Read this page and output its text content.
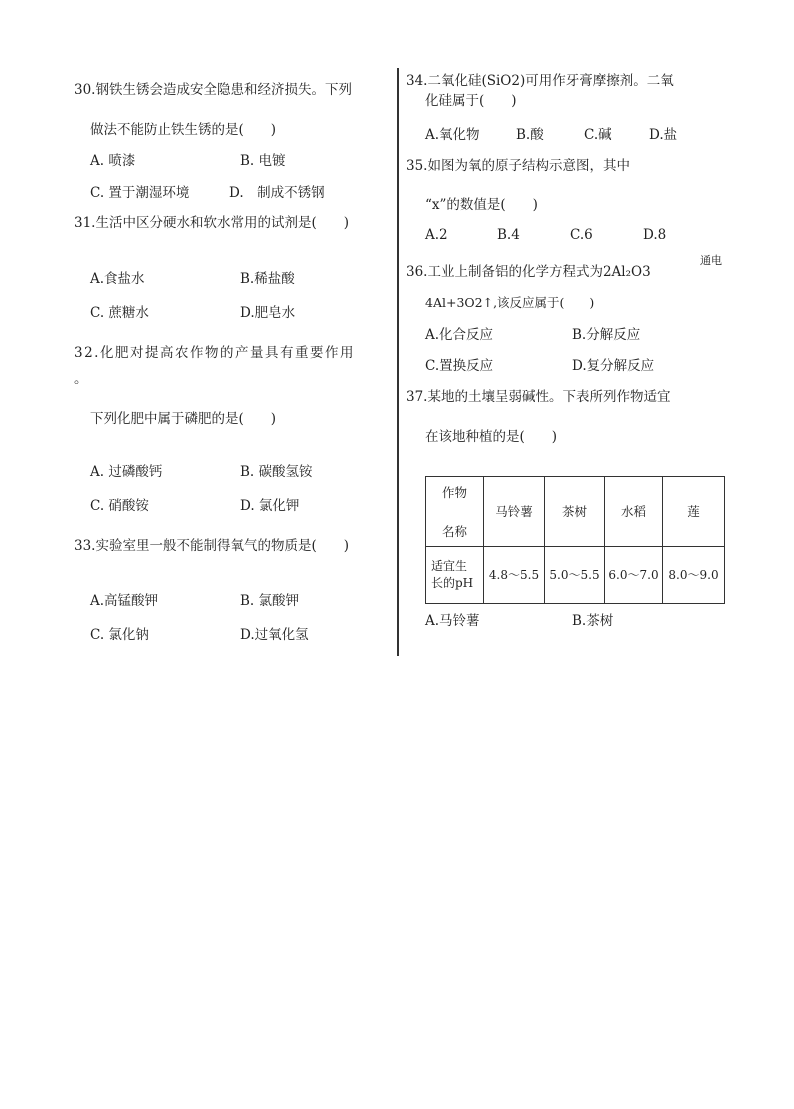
30.钢铁生锈会造成安全隐患和经济损失。下列
做法不能防止铁生锈的是(　　)
A. 喷漆	B. 电镀
C. 置于潮湿环境	D.　制成不锈钢
31.生活中区分硬水和软水常用的试剂是(　　)
A.食盐水	B.稀盐酸
C. 蔗糖水	D.肥皂水
32.化肥对提高农作物的产量具有重要作用
。
下列化肥中属于磷肥的是(　　)
A. 过磷酸钙	B. 碳酸氢铵
C. 硝酸铵	D. 氯化钾
33.实验室里一般不能制得氧气的物质是(　　)
A.高锰酸钾	B. 氯酸钾
C. 氯化钠	D.过氧化氢
34.二氧化硅(SiO2)可用作牙膏摩擦剂。二氧
化硅属于(　　)
A.氧化物	B.酸	C.碱	D.盐
35.如图为氧的原子结构示意图，其中
“x”的数值是(　　)
A.2	B.4	C.6	D.8
36.工业上制备铝的化学方程式为2Al₂O3
通电
4Al+3O2↑,该反应属于(　　)
A.化合反应	B.分解反应
C.置换反应	D.复分解反应
37.某地的土壤呈弱碱性。下表所列作物适宜
在该地种植的是(　　)
作物
名称	马铃薯	茶树	水稻	莲

适宜生
长的pH	4.8～5.5	5.0～5.5	6.0～7.0	8.0～9.0
A.马铃薯	B.茶树
